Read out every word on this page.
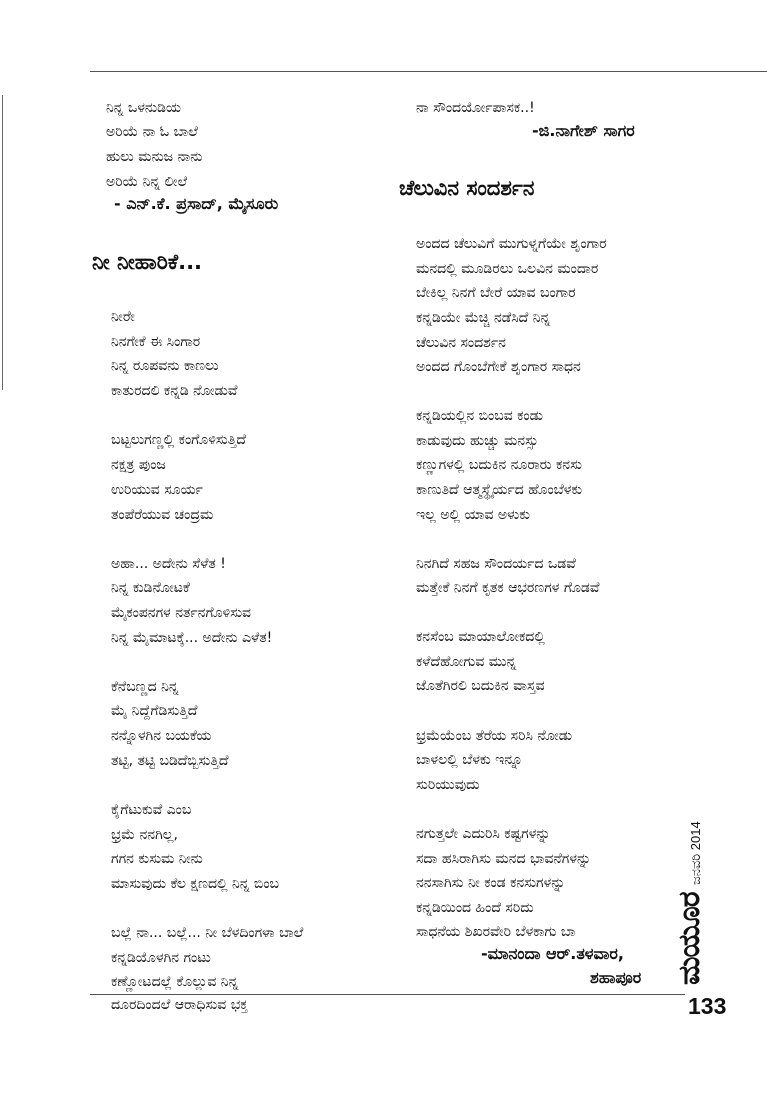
ನಿನ್ನ ಒಳನುಡಿಯ
ಅರಿಯೆ ನಾ ಓ ಬಾಲೆ
ಹುಲು ಮನುಜ ನಾನು
ಅರಿಯೆ ನಿನ್ನ ಲೀಲೆ
- ಎನ್.ಕೆ. ಪ್ರಸಾದ್, ಮೈಸೂರು
ನೀ ನೀಹಾರಿಕೆ...
ನೀರೇ
ನಿನಗೇಕೆ ಈ ಸಿಂಗಾರ
ನಿನ್ನ ರೂಪವನು ಕಾಣಲು
ಕಾತುರದಲಿ ಕನ್ನಡಿ ನೋಡುವೆ
ಬಟ್ಟಲುಗಣ್ಣಲ್ಲಿ ಕಂಗೊಳಿಸುತ್ತಿದೆ
ನಕ್ಷತ್ರ ಪುಂಜ
ಉರಿಯುವ ಸೂರ್ಯ
ತಂಪೆರೆಯುವ ಚಂದ್ರಮ
ಅಹಾ... ಅದೇನು ಸೆಳೆತ !
ನಿನ್ನ ಕುಡಿನೋಟಕೆ
ಮೈಕಂಪನಗಳ ನರ್ತನಗೊಳಿಸುವ
ನಿನ್ನ ಮೈಮಾಟಕ್ಕೆ... ಅದೇನು ಎಳೆತ!
ಕೆನೆಬಣ್ಣದ ನಿನ್ನ
ಮೈ ನಿದ್ದೆಗೆಡಿಸುತ್ತಿದೆ
ನನ್ನೊಳಗಿನ ಬಯಕೆಯ
ತಟ್ಟಿ, ತಟ್ಟಿ ಬಡಿದೆಬ್ಬಿಸುತ್ತಿದೆ
ಕೈಗೆಟುಕುವೆ ಎಂಬ
ಭ್ರಮೆ ನನಗಿಲ್ಲ,
ಗಗನ ಕುಸುಮ ನೀನು
ಮಾಸುವುದು ಕೆಲ ಕ್ಷಣದಲ್ಲಿ ನಿನ್ನ ಬಿಂಬ
ಬಲ್ಲೆ ನಾ... ಬಲ್ಲೆ... ನೀ ಬೆಳದಿಂಗಳಾ ಬಾಲೆ
ಕನ್ನಡಿಯೊಳಗಿನ ಗಂಟು
ಕಣ್ಣೋಟದಲ್ಲೆ ಕೊಲ್ಲುವ ನಿನ್ನ
ದೂರದಿಂದಲೆ ಆರಾಧಿಸುವ ಭಕ್ತ
ನಾ ಸೌಂದರ್ಯೋಪಾಸಕ..!
-ಜಿ.ನಾಗೇಶ್ ಸಾಗರ
ಚೆಲುವಿನ ಸಂದರ್ಶನ
ಅಂದದ ಚೆಲುವಿಗೆ ಮುಗುಳ್ನಗೆಯೇ ಶೃಂಗಾರ
ಮನದಲ್ಲಿ ಮೂಡಿರಲು ಒಲವಿನ ಮಂದಾರ
ಬೇಕಿಲ್ಲ ನಿನಗೆ ಬೇರೆ ಯಾವ ಬಂಗಾರ
ಕನ್ನಡಿಯೇ ಮೆಚ್ಚಿ ನಡೆಸಿದೆ ನಿನ್ನ
ಚೆಲುವಿನ ಸಂದರ್ಶನ
ಅಂದದ ಗೊಂಬೆಗೇಕೆ ಶೃಂಗಾರ ಸಾಧನ
ಕನ್ನಡಿಯಲ್ಲಿನ ಬಿಂಬವ ಕಂಡು
ಕಾಡುವುದು ಹುಚ್ಚು ಮನಸ್ಸು
ಕಣ್ಣುಗಳಲ್ಲಿ ಬದುಕಿನ ನೂರಾರು ಕನಸು
ಕಾಣುತಿದೆ ಆತ್ಮಸ್ಥೈರ್ಯದ ಹೊಂಬೆಳಕು
ಇಲ್ಲ ಅಲ್ಲಿ ಯಾವ ಅಳುಕು
ನಿನಗಿದೆ ಸಹಜ ಸೌಂದರ್ಯದ ಒಡವೆ
ಮತ್ತೇಕೆ ನಿನಗೆ ಕೃತಕ ಆಭರಣಗಳ ಗೊಡವೆ
ಕನಸೆಂಬ ಮಾಯಾಲೋಕದಲ್ಲಿ
ಕಳೆದೆಹೋಗುವ ಮುನ್ನ
ಜೊತೆಗಿರಲಿ ಬದುಕಿನ ವಾಸ್ತವ
ಭ್ರಮೆಯೆಂಬ ತೆರೆಯ ಸರಿಸಿ ನೋಡು
ಬಾಳಲಲ್ಲಿ ಬೆಳಕು ಇನ್ನೂ
ಸುರಿಯುವುದು
ನಗುತ್ತಲೇ ಎದುರಿಸಿ ಕಷ್ಟಗಳನ್ನು
ಸದಾ ಹಸಿರಾಗಿಸು ಮನದ ಭಾವನೆಗಳನ್ನು
ನನಸಾಗಿಸು ನೀ ಕಂಡ ಕನಸುಗಳನ್ನು
ಕನ್ನಡಿಯಿಂದ ಹಿಂದೆ ಸರಿದು
ಸಾಧನೆಯ ಶಿಖರವೇರಿ ಬೆಳಕಾಗು ಬಾ
-ಮಾನಂದಾ ಆರ್.ತಳವಾರ,
ಶಹಾಪೂರ
ಜನವರಿ 2014
ಮಯೂರ
133
